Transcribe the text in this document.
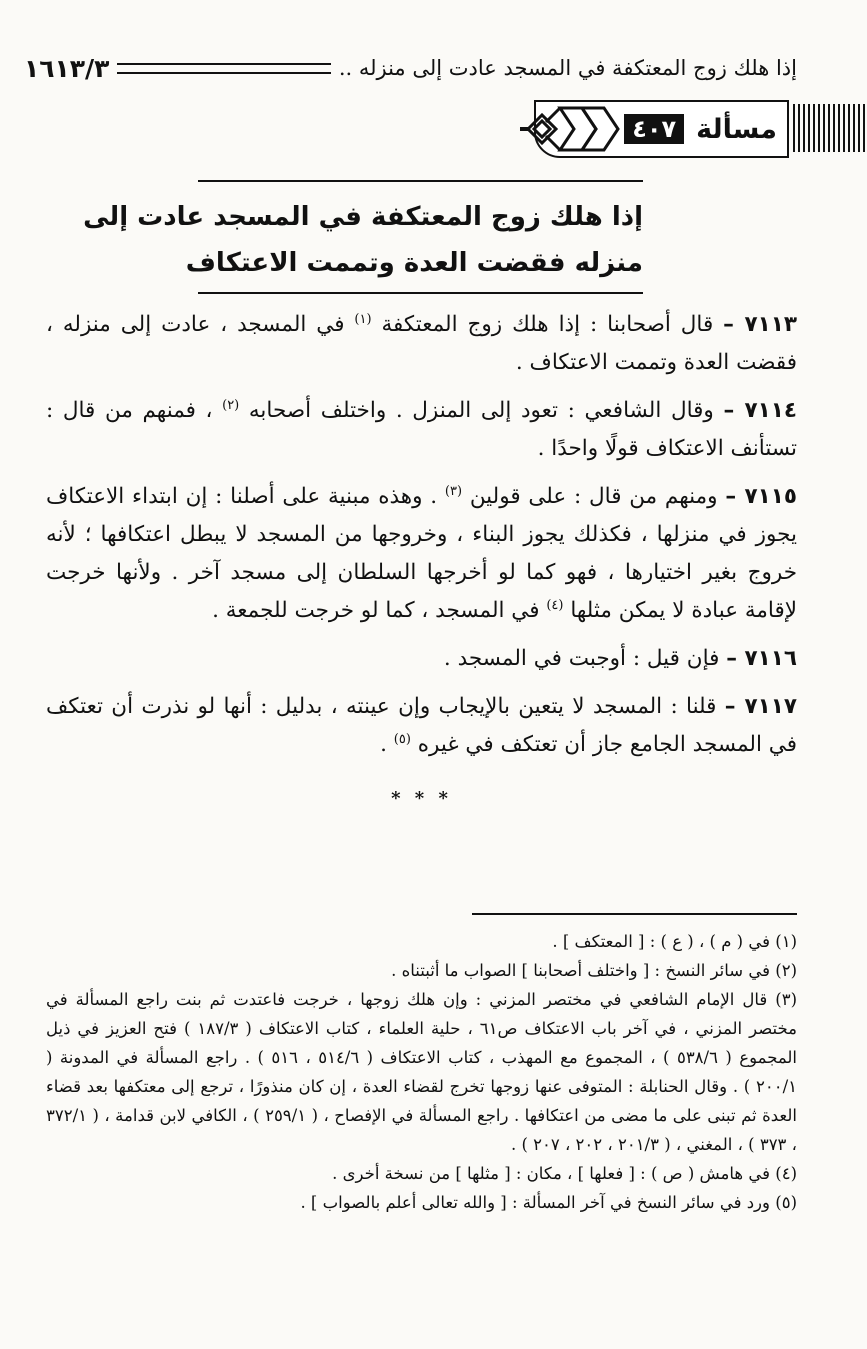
إذا هلك زوج المعتكفة في المسجد عادت إلى منزله ..
١٦١٣/٣
مسألة
٤٠٧
إذا هلك زوج المعتكفة في المسجد عادت إلى
منزله فقضت العدة وتممت الاعتكاف

٧١١٣ – قال أصحابنا : إذا هلك زوج المعتكفة $^{(١)}$ في المسجد ، عادت إلى منزله ، فقضت العدة وتممت الاعتكاف .

٧١١٤ – وقال الشافعي : تعود إلى المنزل . واختلف أصحابه $^{(٢)}$ ، فمنهم من قال : تستأنف الاعتكاف قولًا واحدًا .

٧١١٥ – ومنهم من قال : على قولين $^{(٣)}$ . وهذه مبنية على أصلنا : إن ابتداء الاعتكاف يجوز في منزلها ، فكذلك يجوز البناء ، وخروجها من المسجد لا يبطل اعتكافها ؛ لأنه خروج بغير اختيارها ، فهو كما لو أخرجها السلطان إلى مسجد آخر . ولأنها خرجت لإقامة عبادة لا يمكن مثلها $^{(٤)}$ في المسجد ، كما لو خرجت للجمعة .

٧١١٦ – فإن قيل : أوجبت في المسجد .

٧١١٧ – قلنا : المسجد لا يتعين بالإيجاب وإن عينته ، بدليل : أنها لو نذرت أن تعتكف في المسجد الجامع جاز أن تعتكف في غيره $^{(٥)}$ .

* * *

(١) في ( م ) ، ( ع ) : [ المعتكف ] .

(٢) في سائر النسخ : [ واختلف أصحابنا ] الصواب ما أثبتناه .

(٣) قال الإمام الشافعي في مختصر المزني : وإن هلك زوجها ، خرجت فاعتدت ثم بنت راجع المسألة في مختصر المزني ، في آخر باب الاعتكاف ص٦١ ، حلية العلماء ، كتاب الاعتكاف ( ١٨٧/٣ ) فتح العزيز في ذيل المجموع ( ٥٣٨/٦ ) ، المجموع مع المهذب ، كتاب الاعتكاف ( ٥١٤/٦ ، ٥١٦ ) . راجع المسألة في المدونة ( ٢٠٠/١ ) . وقال الحنابلة : المتوفى عنها زوجها تخرج لقضاء العدة ، إن كان منذورًا ، ترجع إلى معتكفها بعد قضاء العدة ثم تبنى على ما مضى من اعتكافها . راجع المسألة في الإفصاح ، ( ٢٥٩/١ ) ، الكافي لابن قدامة ، ( ٣٧٢/١ ، ٣٧٣ ) ، المغني ، ( ٢٠١/٣ ، ٢٠٢ ، ٢٠٧ ) .

(٤) في هامش ( ص ) : [ فعلها ] ، مكان : [ مثلها ] من نسخة أخرى .

(٥) ورد في سائر النسخ في آخر المسألة : [ والله تعالى أعلم بالصواب ] .
